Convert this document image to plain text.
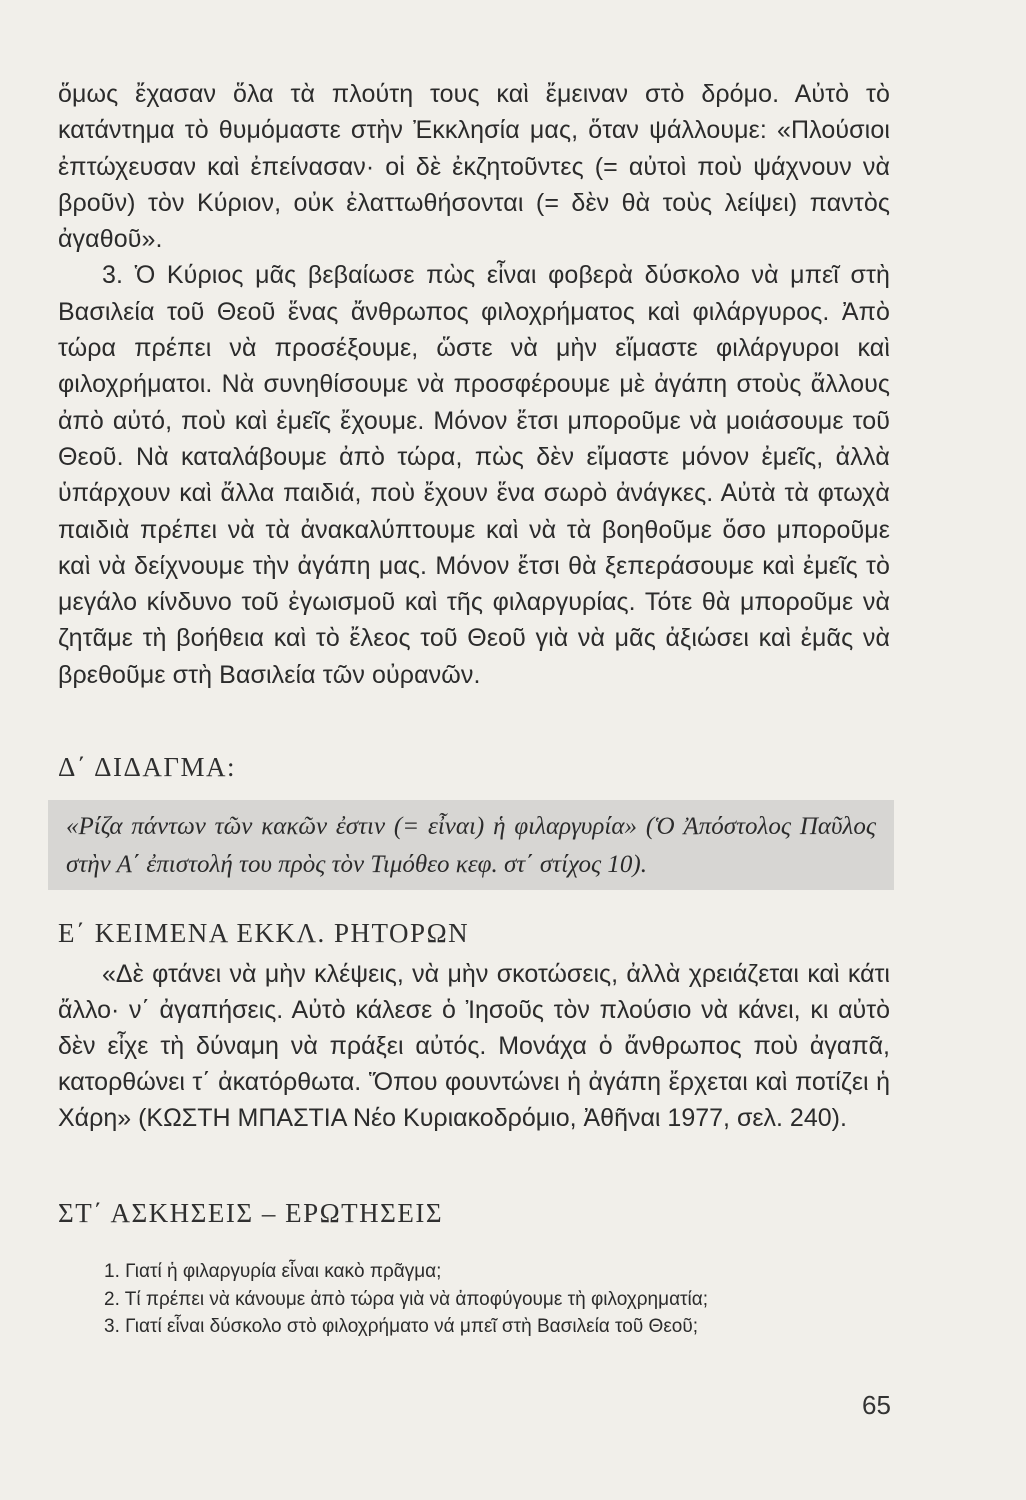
ὅμως ἔχασαν ὅλα τὰ πλούτη τους καὶ ἔμειναν στὸ δρόμο. Αὐτὸ τὸ κατάντημα τὸ θυμόμαστε στὴν Ἐκκλησία μας, ὅταν ψάλλουμε: «Πλούσιοι ἐπτώχευσαν καὶ ἐπείνασαν· οἱ δὲ ἐκζητοῦντες (= αὐτοὶ ποὺ ψάχνουν νὰ βροῦν) τὸν Κύριον, οὐκ ἐλαττωθήσονται (= δὲν θὰ τοὺς λείψει) παντὸς ἀγαθοῦ».

3. Ὁ Κύριος μᾶς βεβαίωσε πὼς εἶναι φοβερὰ δύσκολο νὰ μπεῖ στὴ Βασιλεία τοῦ Θεοῦ ἕνας ἄνθρωπος φιλοχρήματος καὶ φιλάργυρος. Ἀπὸ τώρα πρέπει νὰ προσέξουμε, ὥστε νὰ μὴν εἴμαστε φιλάργυροι καὶ φιλοχρήματοι. Νὰ συνηθίσουμε νὰ προσφέρουμε μὲ ἀγάπη στοὺς ἄλλους ἀπὸ αὐτό, ποὺ καὶ ἐμεῖς ἔχουμε. Μόνον ἔτσι μποροῦμε νὰ μοιάσουμε τοῦ Θεοῦ. Νὰ καταλάβουμε ἀπὸ τώρα, πὼς δὲν εἴμαστε μόνον ἐμεῖς, ἀλλὰ ὑπάρχουν καὶ ἄλλα παιδιά, ποὺ ἔχουν ἕνα σωρὸ ἀνάγκες. Αὐτὰ τὰ φτωχὰ παιδιὰ πρέπει νὰ τὰ ἀνακαλύπτουμε καὶ νὰ τὰ βοηθοῦμε ὅσο μποροῦμε καὶ νὰ δείχνουμε τὴν ἀγάπη μας. Μόνον ἔτσι θὰ ξεπεράσουμε καὶ ἐμεῖς τὸ μεγάλο κίνδυνο τοῦ ἐγωισμοῦ καὶ τῆς φιλαργυρίας. Τότε θὰ μποροῦμε νὰ ζητᾶμε τὴ βοήθεια καὶ τὸ ἔλεος τοῦ Θεοῦ γιὰ νὰ μᾶς ἀξιώσει καὶ ἐμᾶς νὰ βρεθοῦμε στὴ Βασιλεία τῶν οὐρανῶν.

Δ΄ ΔΙΔΑΓΜΑ:
«Ρίζα πάντων τῶν κακῶν ἐστιν (= εἶναι) ἡ φιλαργυρία» (Ὁ Ἀπόστολος Παῦλος στὴν Α΄ ἐπιστολή του πρὸς τὸν Τιμόθεο κεφ. στ΄ στίχος 10).
Ε΄ ΚΕΙΜΕΝΑ ΕΚΚΛ. ΡΗΤΟΡΩΝ

«Δὲ φτάνει νὰ μὴν κλέψεις, νὰ μὴν σκοτώσεις, ἀλλὰ χρειάζεται καὶ κάτι ἄλλο· ν΄ ἀγαπήσεις. Αὐτὸ κάλεσε ὁ Ἰησοῦς τὸν πλούσιο νὰ κάνει, κι αὐτὸ δὲν εἶχε τὴ δύναμη νὰ πράξει αὐτός. Μονάχα ὁ ἄνθρωπος ποὺ ἀγαπᾶ, κατορθώνει τ΄ ἀκατόρθωτα. Ὅπου φουντώνει ἡ ἀγάπη ἔρχεται καὶ ποτίζει ἡ Χάρη» (ΚΩΣΤΗ ΜΠΑΣΤΙΑ Νέο Κυριακοδρόμιο, Ἀθῆναι 1977, σελ. 240).

ΣΤ΄ ΑΣΚΗΣΕΙΣ – ΕΡΩΤΗΣΕΙΣ
1. Γιατί ἡ φιλαργυρία εἶναι κακὸ πρᾶγμα;
2. Τί πρέπει νὰ κάνουμε ἀπὸ τώρα γιὰ νὰ ἀποφύγουμε τὴ φιλοχρηματία;
3. Γιατί εἶναι δύσκολο στὸ φιλοχρήματο νά μπεῖ στὴ Βασιλεία τοῦ Θεοῦ;
65
